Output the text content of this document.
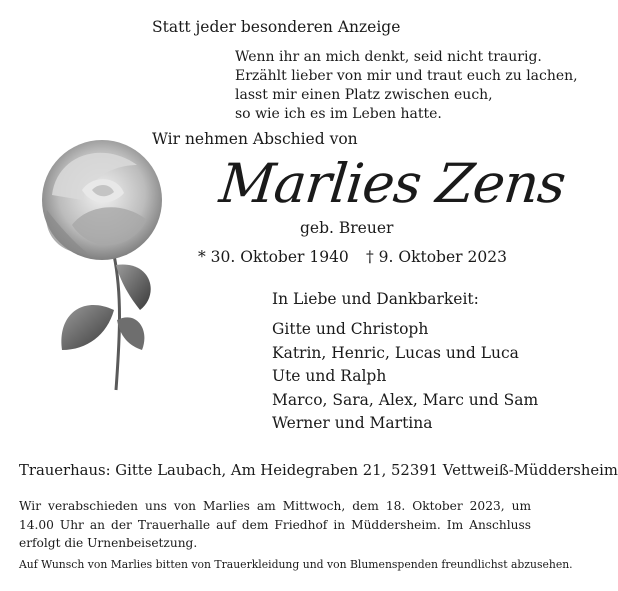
Statt jeder besonderen Anzeige
Wenn ihr an mich denkt, seid nicht traurig.
Erzählt lieber von mir und traut euch zu lachen,
lasst mir einen Platz zwischen euch,
so wie ich es im Leben hatte.
Wir nehmen Abschied von
Marlies Zens
geb. Breuer
* 30. Oktober 1940 † 9. Oktober 2023
In Liebe und Dankbarkeit:
Gitte und Christoph
Katrin, Henric, Lucas und Luca
Ute und Ralph
Marco, Sara, Alex, Marc und Sam
Werner und Martina
Trauerhaus: Gitte Laubach, Am Heidegraben 21, 52391 Vettweiß-Müddersheim
Wir verabschieden uns von Marlies am Mittwoch, dem 18. Oktober 2023, um 14.00 Uhr an der Trauerhalle auf dem Friedhof in Müddersheim. Im Anschluss erfolgt die Urnenbeisetzung.
Auf Wunsch von Marlies bitten von Trauerkleidung und von Blumenspenden freundlichst abzusehen.
